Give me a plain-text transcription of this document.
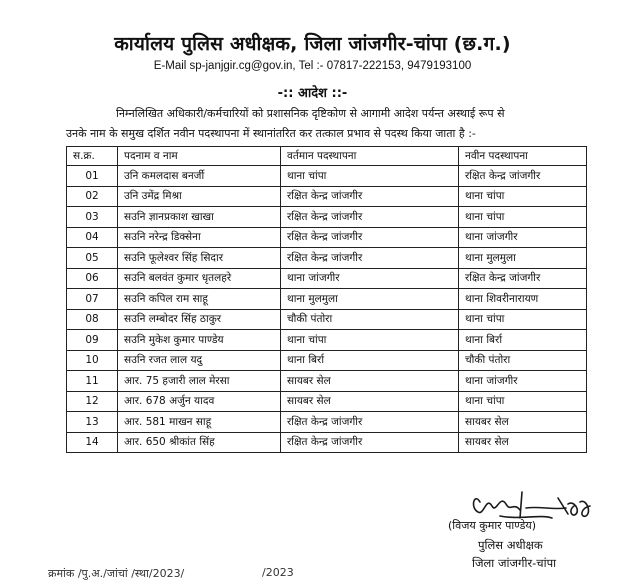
कार्यालय पुलिस अधीक्षक, जिला जांजगीर-चांपा (छ.ग.)
E-Mail sp-janjgir.cg@gov.in, Tel :- 07817-222153, 9479193100
-:: आदेश ::-
निम्नलिखित अधिकारी/कर्मचारियों को प्रशासनिक दृष्टिकोण से आगामी आदेश पर्यन्त अस्थाई रूप से
उनके नाम के समुख दर्शित नवीन पदस्थापना में स्थानांतरित कर तत्काल प्रभाव से पदस्थ किया जाता है :-
स.क्र.	पदनाम व नाम	वर्तमान पदस्थापना	नवीन पदस्थापना
01	उनि कमलदास बनर्जी	थाना चांपा	रक्षित केन्द्र जांजगीर
02	उनि उमेंद्र मिश्रा	रक्षित केन्द्र जांजगीर	थाना चांपा
03	सउनि ज्ञानप्रकाश खाखा	रक्षित केन्द्र जांजगीर	थाना चांपा
04	सउनि नरेन्द्र डिक्सेना	रक्षित केन्द्र जांजगीर	थाना जांजगीर
05	सउनि फूलेश्वर सिंह सिदार	रक्षित केन्द्र जांजगीर	थाना मुलमुला
06	सउनि बलवंत कुमार धृतलहरे	थाना जांजगीर	रक्षित केन्द्र जांजगीर
07	सउनि कपिल राम साहू	थाना मुलमुला	थाना शिवरीनारायण
08	सउनि लम्बोदर सिंह ठाकुर	चौकी पंतोरा	थाना चांपा
09	सउनि मुकेश कुमार पाण्डेय	थाना चांपा	थाना बिर्रा
10	सउनि रजत लाल यदु	थाना बिर्रा	चौकी पंतोरा
11	आर. 75 हजारी लाल मेरसा	सायबर सेल	थाना जांजगीर
12	आर. 678 अर्जुन यादव	सायबर सेल	थाना चांपा
13	आर. 581 माखन साहू	रक्षित केन्द्र जांजगीर	सायबर सेल
14	आर. 650 श्रीकांत सिंह	रक्षित केन्द्र जांजगीर	सायबर सेल
(विजय कुमार पाण्डेय)
पुलिस अधीक्षक
जिला जांजगीर-चांपा
क्रमांक /पु.अ./जांचां /स्था/2023/	/2023
